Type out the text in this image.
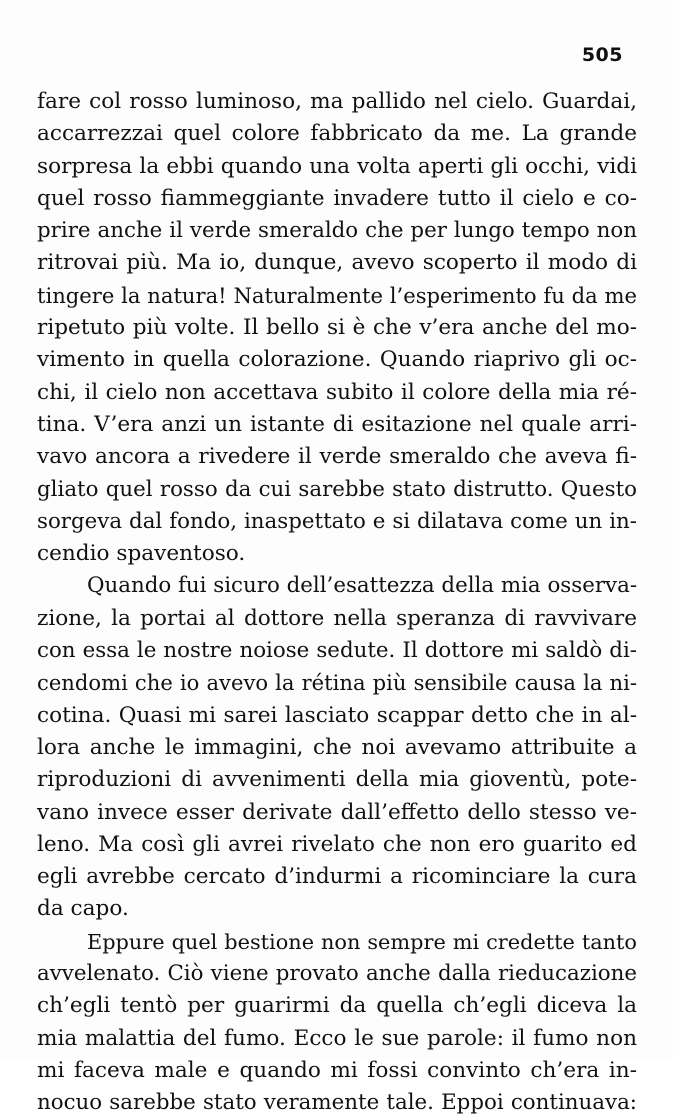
505
fare col rosso luminoso, ma pallido nel cielo. Guardai,
accarrezzai quel colore fabbricato da me. La grande
sorpresa la ebbi quando una volta aperti gli occhi, vidi
quel rosso fiammeggiante invadere tutto il cielo e co-
prire anche il verde smeraldo che per lungo tempo non
ritrovai più. Ma io, dunque, avevo scoperto il modo di
tingere la natura! Naturalmente l’esperimento fu da me
ripetuto più volte. Il bello si è che v’era anche del mo-
vimento in quella colorazione. Quando riaprivo gli oc-
chi, il cielo non accettava subito il colore della mia ré-
tina. V’era anzi un istante di esitazione nel quale arri-
vavo ancora a rivedere il verde smeraldo che aveva fi-
gliato quel rosso da cui sarebbe stato distrutto. Questo
sorgeva dal fondo, inaspettato e si dilatava come un in-
cendio spaventoso.
Quando fui sicuro dell’esattezza della mia osserva-
zione, la portai al dottore nella speranza di ravvivare
con essa le nostre noiose sedute. Il dottore mi saldò di-
cendomi che io avevo la rétina più sensibile causa la ni-
cotina. Quasi mi sarei lasciato scappar detto che in al-
lora anche le immagini, che noi avevamo attribuite a
riproduzioni di avvenimenti della mia gioventù, pote-
vano invece esser derivate dall’effetto dello stesso ve-
leno. Ma così gli avrei rivelato che non ero guarito ed
egli avrebbe cercato d’indurmi a ricominciare la cura
da capo.
Eppure quel bestione non sempre mi credette tanto
avvelenato. Ciò viene provato anche dalla rieducazione
ch’egli tentò per guarirmi da quella ch’egli diceva la
mia malattia del fumo. Ecco le sue parole: il fumo non
mi faceva male e quando mi fossi convinto ch’era in-
nocuo sarebbe stato veramente tale. Eppoi continuava:
